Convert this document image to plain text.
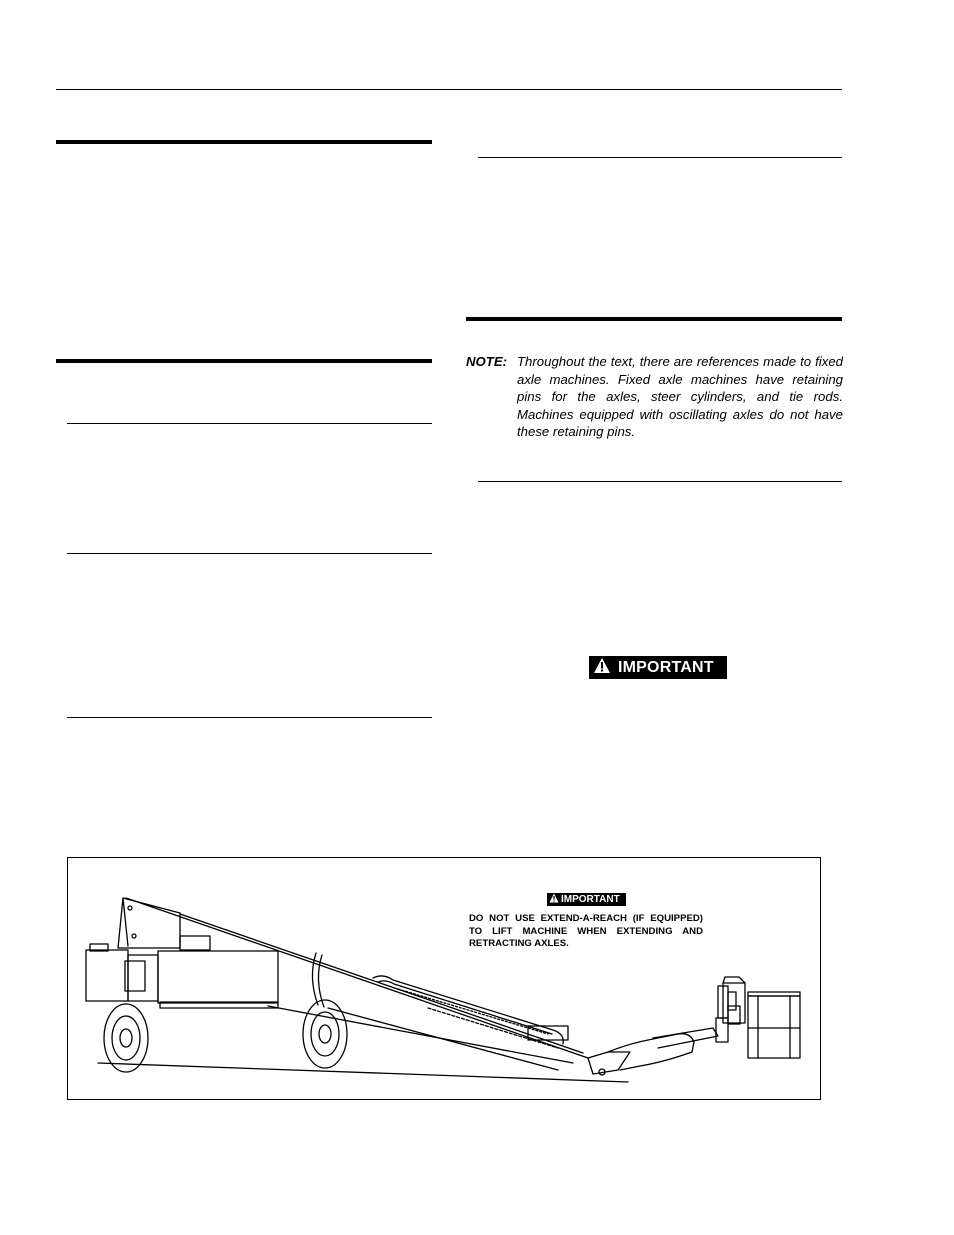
NOTE: Throughout the text, there are references made to fixed axle machines. Fixed axle machines have retaining pins for the axles, steer cylinders, and tie rods. Machines equipped with oscillating axles do not have these retaining pins.
IMPORTANT
IMPORTANT
DO NOT USE EXTEND-A-REACH (IF EQUIPPED) TO LIFT MACHINE WHEN EXTENDING AND RETRACTING AXLES.
